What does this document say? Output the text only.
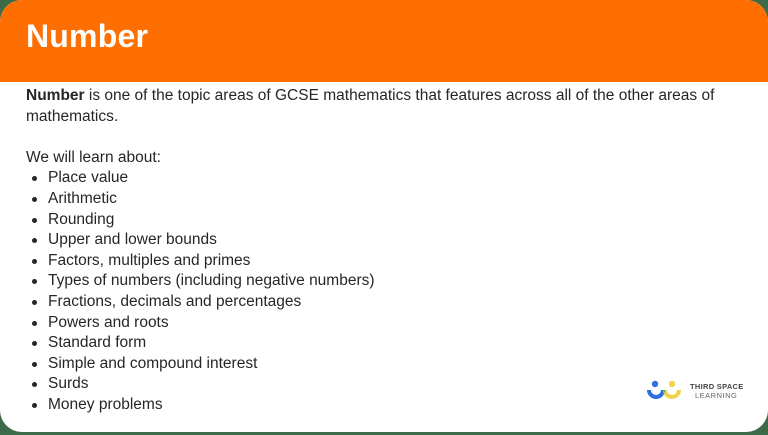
Number

Number is one of the topic areas of GCSE mathematics that features across all of the other areas of mathematics.

We will learn about:

Place value
Arithmetic
Rounding
Upper and lower bounds
Factors, multiples and primes
Types of numbers (including negative numbers)
Fractions, decimals and percentages
Powers and roots
Standard form
Simple and compound interest
Surds
Money problems
THIRD SPACE
LEARNING
